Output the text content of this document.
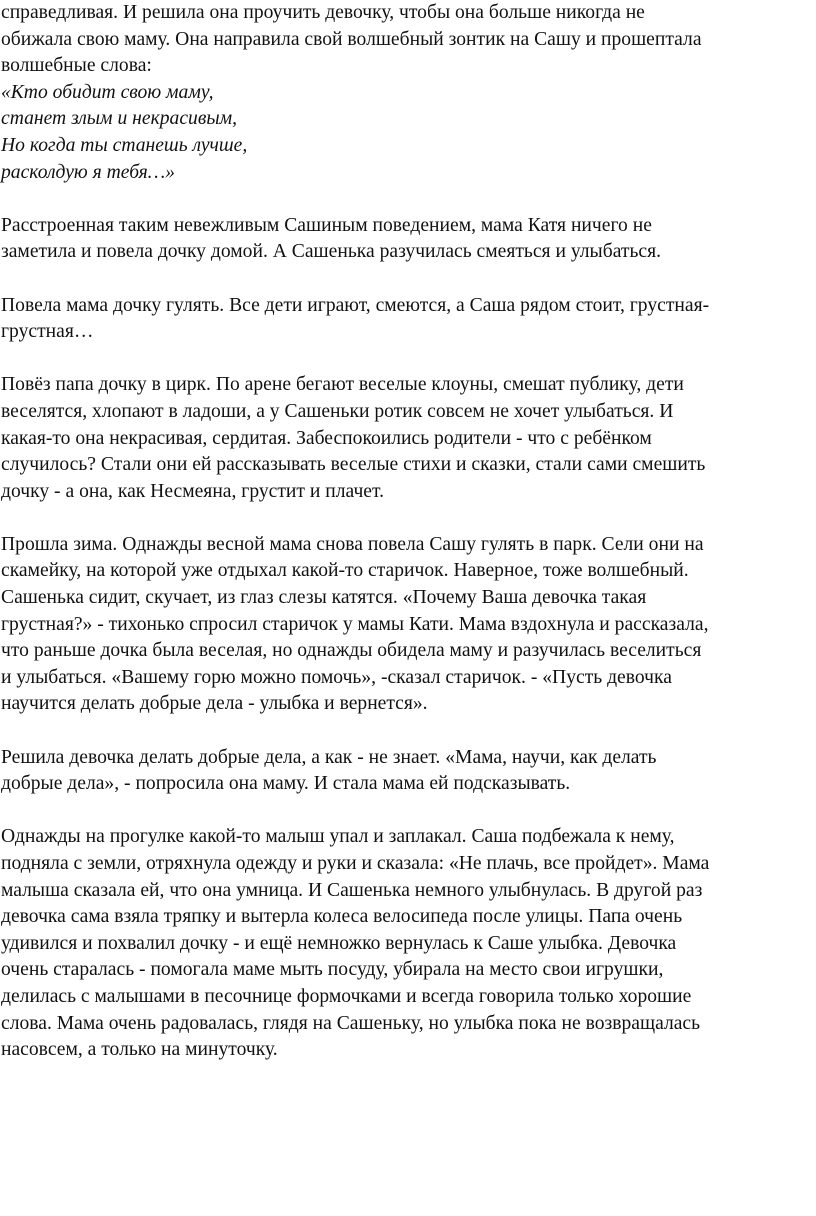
справедливая. И решила она проучить девочку, чтобы она больше никогда не
обижала свою маму. Она направила свой волшебный зонтик на Сашу и прошептала
волшебные слова:
«Кто обидит свою маму,
станет злым и некрасивым,
Но когда ты станешь лучше,
расколдую я тебя…»
Расстроенная таким невежливым Сашиным поведением, мама Катя ничего не
заметила и повела дочку домой. А Сашенька разучилась смеяться и улыбаться.
Повела мама дочку гулять. Все дети играют, смеются, а Саша рядом стоит, грустная-
грустная…
Повёз папа дочку в цирк. По арене бегают веселые клоуны, смешат публику, дети
веселятся, хлопают в ладоши, а у Сашеньки ротик совсем не хочет улыбаться. И
какая-то она некрасивая, сердитая. Забеспокоились родители - что с ребёнком
случилось? Стали они ей рассказывать веселые стихи и сказки, стали сами смешить
дочку - а она, как Несмеяна, грустит и плачет.
Прошла зима. Однажды весной мама снова повела Сашу гулять в парк. Сели они на
скамейку, на которой уже отдыхал какой-то старичок. Наверное, тоже волшебный.
Сашенька сидит, скучает, из глаз слезы катятся. «Почему Ваша девочка такая
грустная?» - тихонько спросил старичок у мамы Кати. Мама вздохнула и рассказала,
что раньше дочка была веселая, но однажды обидела маму и разучилась веселиться
и улыбаться. «Вашему горю можно помочь», -сказал старичок. - «Пусть девочка
научится делать добрые дела - улыбка и вернется».
Решила девочка делать добрые дела, а как - не знает. «Мама, научи, как делать
добрые дела», - попросила она маму. И стала мама ей подсказывать.
Однажды на прогулке какой-то малыш упал и заплакал. Саша подбежала к нему,
подняла с земли, отряхнула одежду и руки и сказала: «Не плачь, все пройдет». Мама
малыша сказала ей, что она умница. И Сашенька немного улыбнулась. В другой раз
девочка сама взяла тряпку и вытерла колеса велосипеда после улицы. Папа очень
удивился и похвалил дочку - и ещё немножко вернулась к Саше улыбка. Девочка
очень старалась - помогала маме мыть посуду, убирала на место свои игрушки,
делилась с малышами в песочнице формочками и всегда говорила только хорошие
слова. Мама очень радовалась, глядя на Сашеньку, но улыбка пока не возвращалась
насовсем, а только на минуточку.
